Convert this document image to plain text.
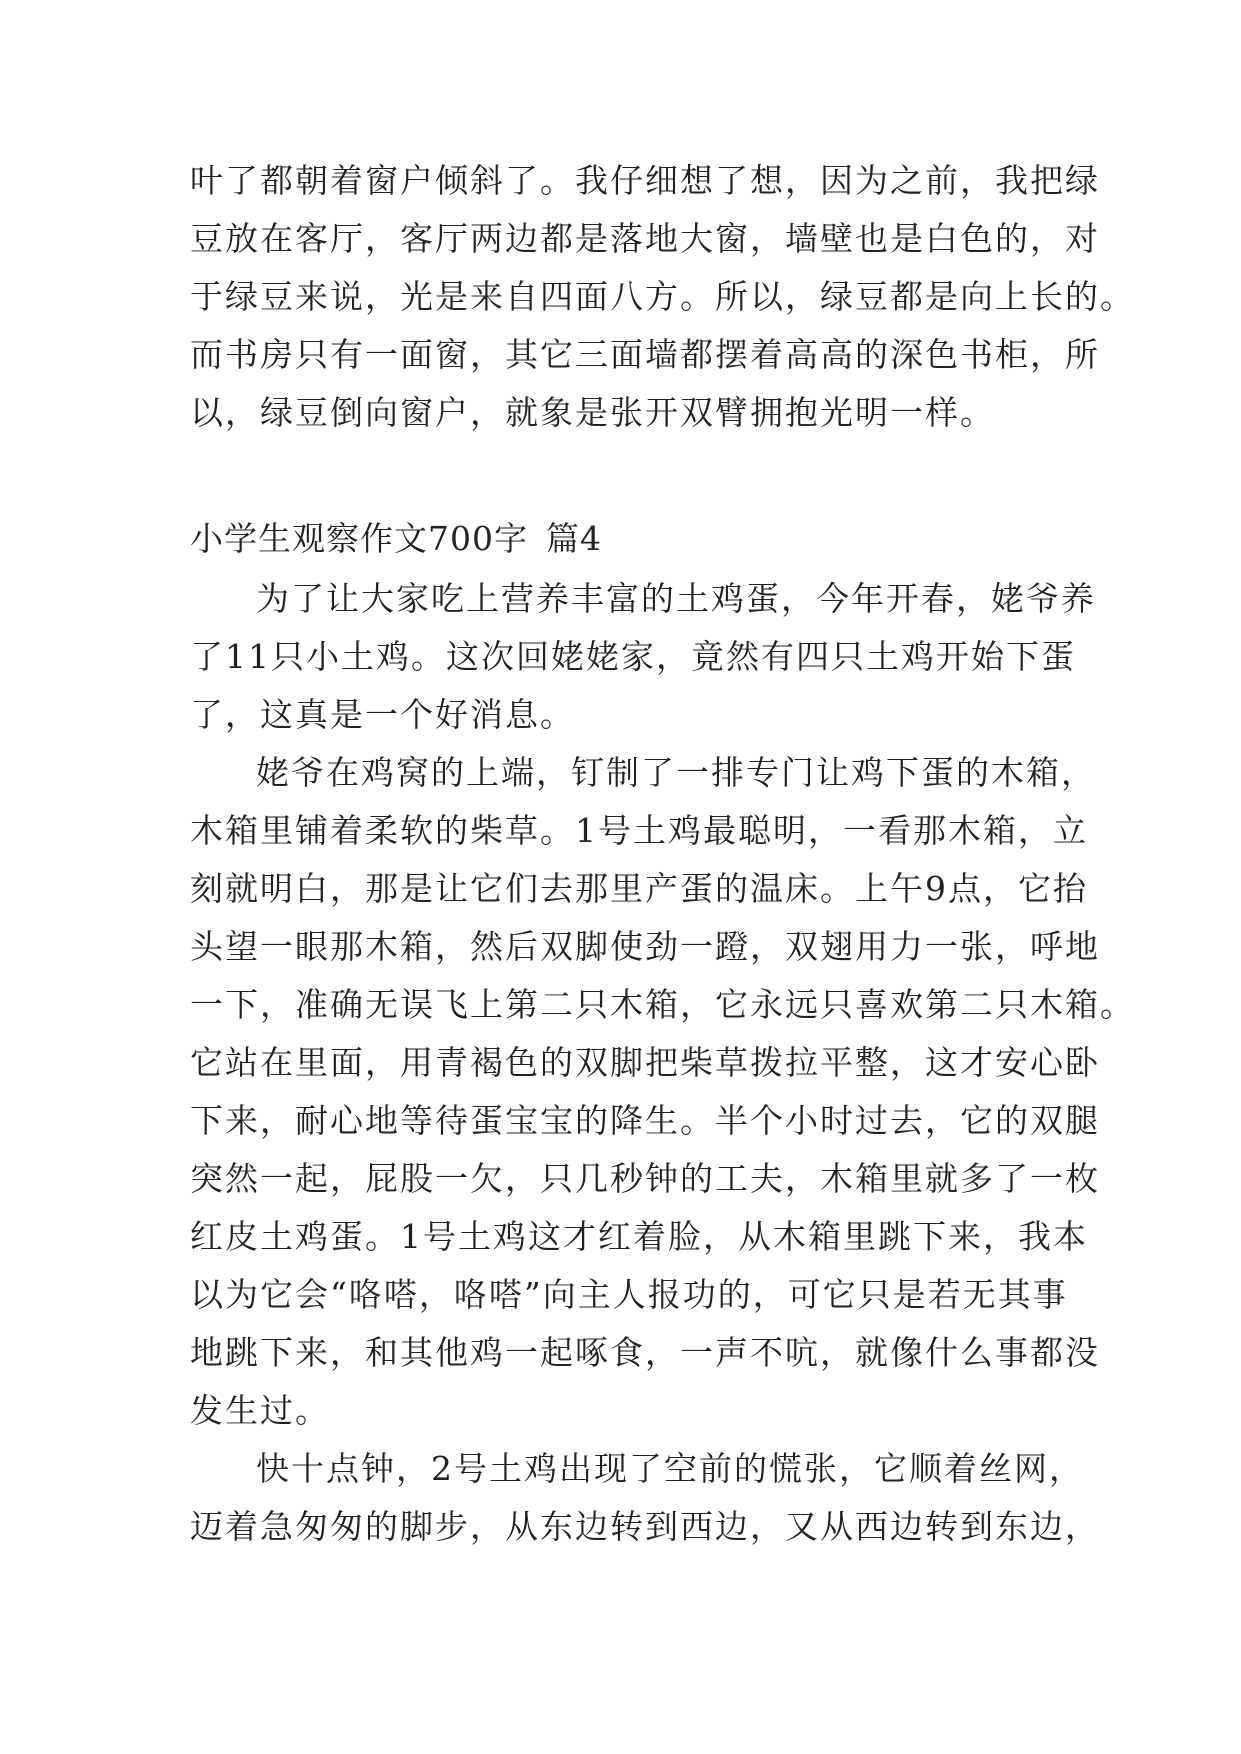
叶了都朝着窗户倾斜了。我仔细想了想，因为之前，我把绿
豆放在客厅，客厅两边都是落地大窗，墙壁也是白色的，对
于绿豆来说，光是来自四面八方。所以，绿豆都是向上长的。
而书房只有一面窗，其它三面墙都摆着高高的深色书柜，所
以，绿豆倒向窗户，就象是张开双臂拥抱光明一样。
小学生观察作文700字 篇4
为了让大家吃上营养丰富的土鸡蛋，今年开春，姥爷养
了11只小土鸡。这次回姥姥家，竟然有四只土鸡开始下蛋
了，这真是一个好消息。
姥爷在鸡窝的上端，钉制了一排专门让鸡下蛋的木箱，
木箱里铺着柔软的柴草。1号土鸡最聪明，一看那木箱，立
刻就明白，那是让它们去那里产蛋的温床。上午9点，它抬
头望一眼那木箱，然后双脚使劲一蹬，双翅用力一张，呼地
一下，准确无误飞上第二只木箱，它永远只喜欢第二只木箱。
它站在里面，用青褐色的双脚把柴草拨拉平整，这才安心卧
下来，耐心地等待蛋宝宝的降生。半个小时过去，它的双腿
突然一起，屁股一欠，只几秒钟的工夫，木箱里就多了一枚
红皮土鸡蛋。1号土鸡这才红着脸，从木箱里跳下来，我本
以为它会“咯嗒，咯嗒”向主人报功的，可它只是若无其事
地跳下来，和其他鸡一起啄食，一声不吭，就像什么事都没
发生过。
快十点钟，2号土鸡出现了空前的慌张，它顺着丝网，
迈着急匆匆的脚步，从东边转到西边，又从西边转到东边，
